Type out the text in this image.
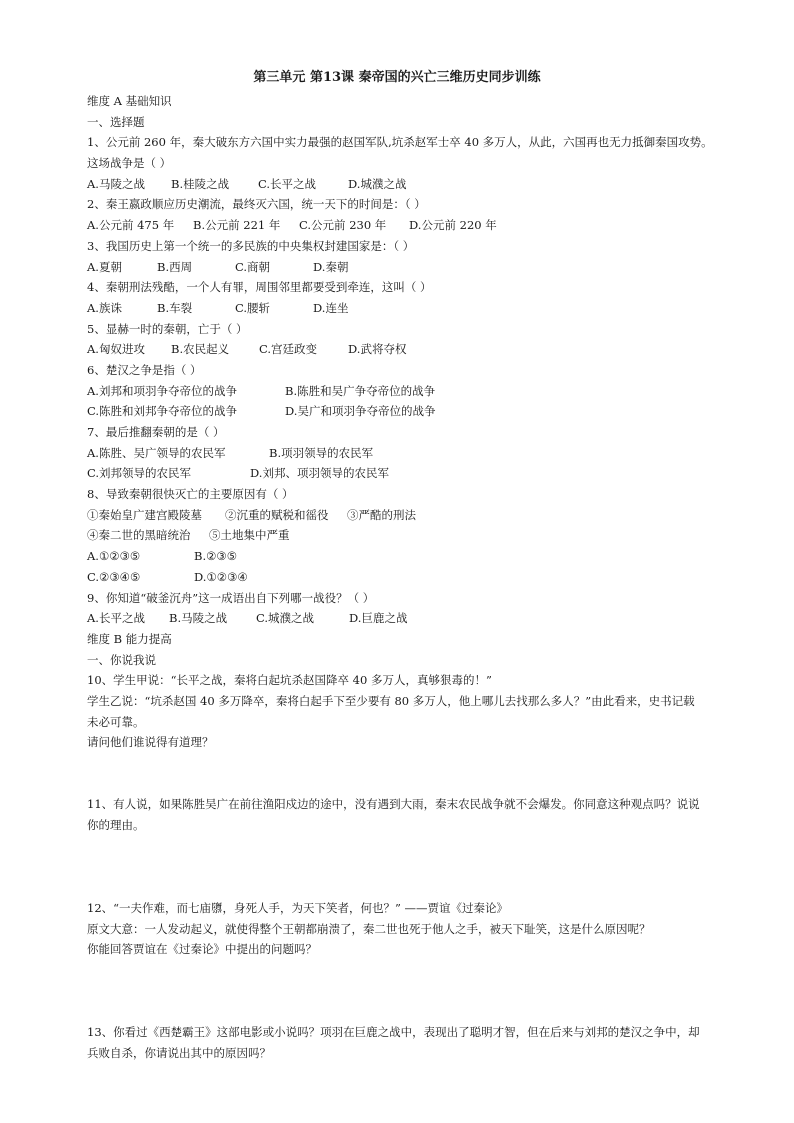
第三单元 第13课 秦帝国的兴亡三维历史同步训练
维度 A 基础知识
一、选择题
1、公元前 260 年，秦大破东方六国中实力最强的赵国军队,坑杀赵军士卒 40 多万人，从此，六国再也无力抵御秦国攻势。
这场战争是（ ）
A.马陵之战 B.桂陵之战	C.长平之战	D.城濮之战
2、秦王嬴政顺应历史潮流，最终灭六国，统一天下的时间是：（ ）
A.公元前 475 年 B.公元前 221 年 C.公元前 230 年 D.公元前 220 年
3、我国历史上第一个统一的多民族的中央集权封建国家是：（ ）
A.夏朝	B.西周	C.商朝	D.秦朝
4、秦朝刑法残酷，一个人有罪，周围邻里都要受到牵连，这叫（ ）
A.族诛	B.车裂	C.腰斩	D.连坐
5、显赫一时的秦朝，亡于（ ）
A.匈奴进攻 B.农民起义	C.宫廷政变	D.武将夺权
6、楚汉之争是指（ ）
A.刘邦和项羽争夺帝位的战争	B.陈胜和吴广争夺帝位的战争
C.陈胜和刘邦争夺帝位的战争	D.吴广和项羽争夺帝位的战争
7、最后推翻秦朝的是（ ）
A.陈胜、吴广领导的农民军	B.项羽领导的农民军
C.刘邦领导的农民军	D.刘邦、项羽领导的农民军
8、导致秦朝很快灭亡的主要原因有（ ）
①秦始皇广建宫殿陵墓 ②沉重的赋税和徭役 ③严酷的刑法
④秦二世的黑暗统治 ⑤土地集中严重
A.①②③⑤	B.②③⑤
C.②③④⑤	D.①②③④
9、你知道“破釜沉舟”这一成语出自下列哪一战役？（ ）
A.长平之战 B.马陵之战	C.城濮之战	D.巨鹿之战
维度 B 能力提高
一、你说我说
10、学生甲说：“长平之战，秦将白起坑杀赵国降卒 40 多万人，真够狠毒的！”
学生乙说：“坑杀赵国 40 多万降卒，秦将白起手下至少要有 80 多万人，他上哪儿去找那么多人？”由此看来，史书记载
未必可靠。
请问他们谁说得有道理？
11、有人说，如果陈胜吴广在前往渔阳戍边的途中，没有遇到大雨，秦末农民战争就不会爆发。你同意这种观点吗？说说
你的理由。
12、“一夫作难，而七庙隳，身死人手，为天下笑者，何也？” ——贾谊《过秦论》
原文大意：一人发动起义，就使得整个王朝都崩溃了，秦二世也死于他人之手，被天下耻笑，这是什么原因呢？
你能回答贾谊在《过秦论》中提出的问题吗？
13、你看过《西楚霸王》这部电影或小说吗？项羽在巨鹿之战中，表现出了聪明才智，但在后来与刘邦的楚汉之争中，却
兵败自杀，你请说出其中的原因吗？
